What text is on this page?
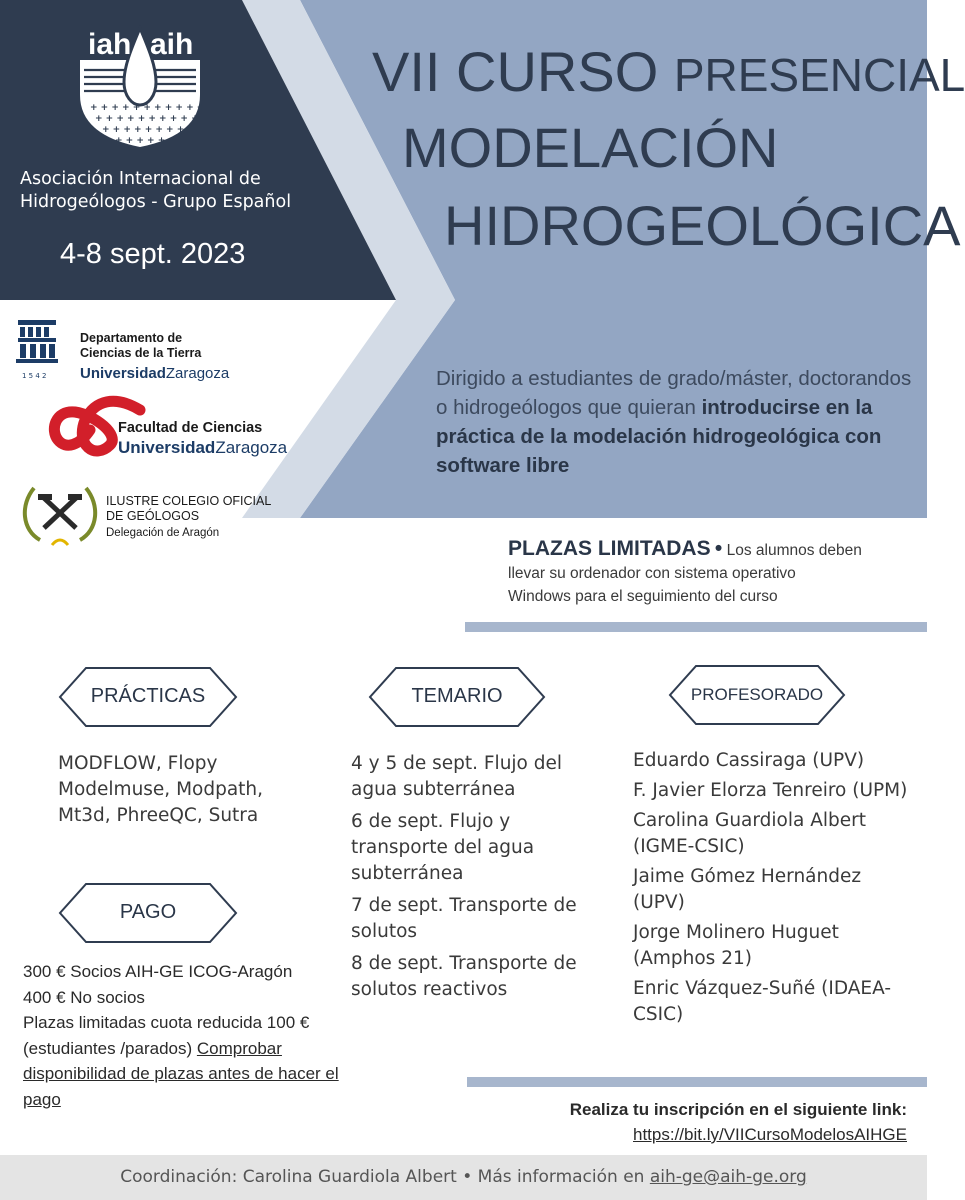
+ + + + + + + + + + +
+ + + + + + + + + +
+ + + + + + + +
+ + + + +
iah aih
1 5 4 2
Asociación Internacional de
Hidrogeólogos - Grupo Español
4-8 sept. 2023
VII CURSO PRESENCIAL
MODELACIÓN
HIDROGEOLÓGICA
Dirigido a estudiantes de grado/máster, doctorandos o hidrogeólogos que quieran introducirse en la práctica de la modelación hidrogeológica con software libre
Departamento de
Ciencias de la Tierra
UniversidadZaragoza
Facultad de Ciencias
UniversidadZaragoza
ILUSTRE COLEGIO OFICIAL
DE GEÓLOGOS
Delegación de Aragón
PLAZAS LIMITADAS • Los alumnos deben
llevar su ordenador con sistema operativo
Windows para el seguimiento del curso
PRÁCTICAS	TEMARIO	PROFESORADO
PAGO
MODFLOW, Flopy
Modelmuse, Modpath,
Mt3d, PhreeQC, Sutra

4 y 5 de sept. Flujo del agua subterránea

6 de sept. Flujo y transporte del agua subterránea

7 de sept. Transporte de solutos

8 de sept. Transporte de solutos reactivos

Eduardo Cassiraga (UPV)

F. Javier Elorza Tenreiro (UPM)

Carolina Guardiola Albert (IGME-CSIC)

Jaime Gómez Hernández (UPV)

Jorge Molinero Huguet (Amphos 21)

Enric Vázquez-Suñé (IDAEA-CSIC)

300 € Socios AIH-GE ICOG-Aragón
400 € No socios
Plazas limitadas cuota reducida 100 €
(estudiantes /parados) Comprobar disponibilidad de plazas antes de hacer el pago
Realiza tu inscripción en el siguiente link:
https://bit.ly/VIICursoModelosAIHGE
Coordinación: Carolina Guardiola Albert • Más información en aih-ge@aih-ge.org
